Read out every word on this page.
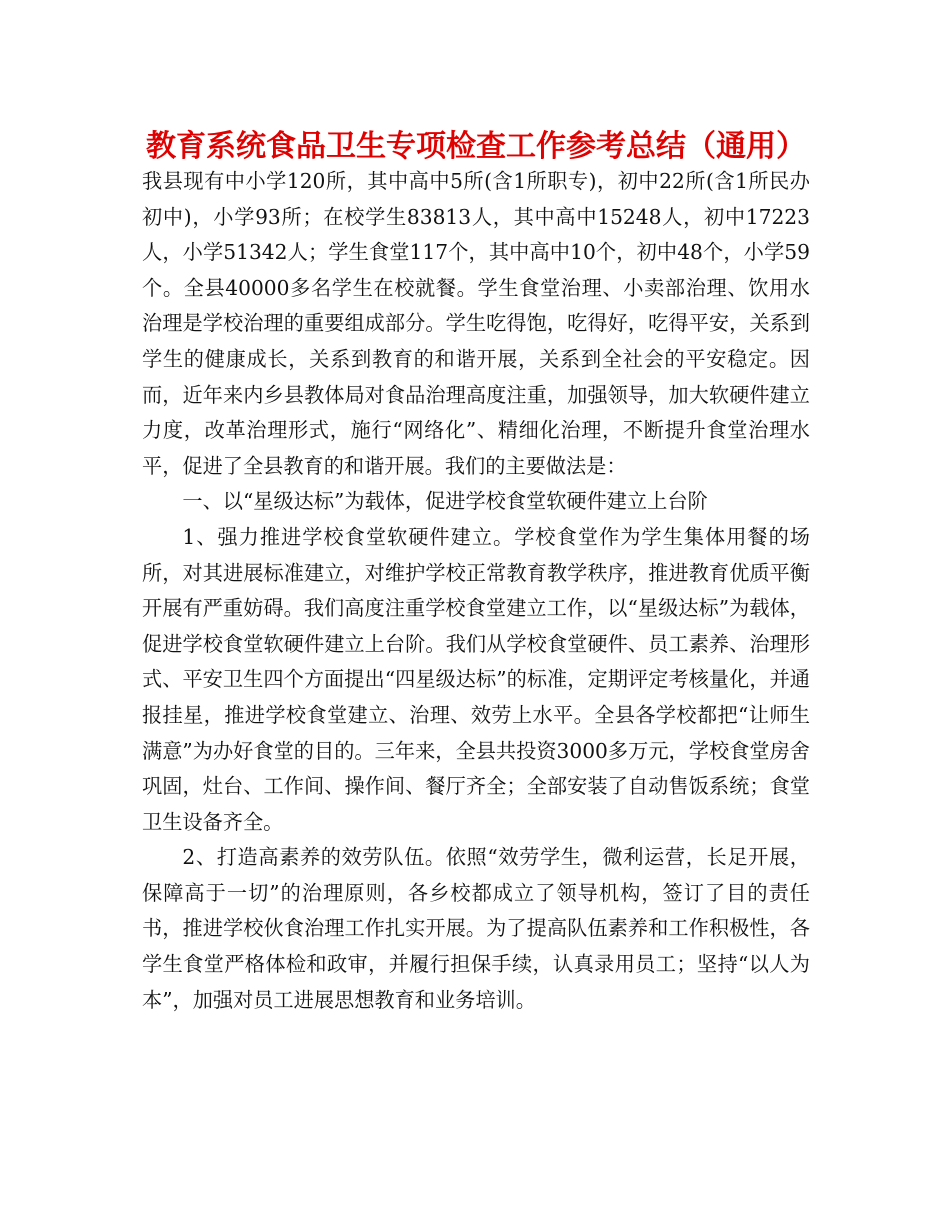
教育系统食品卫生专项检查工作参考总结（通用）

我县现有中小学120所，其中高中5所(含1所职专)，初中22所(含1所民办初中)，小学93所；在校学生83813人，其中高中15248人，初中17223人，小学51342人；学生食堂117个，其中高中10个，初中48个，小学59个。全县40000多名学生在校就餐。学生食堂治理、小卖部治理、饮用水治理是学校治理的重要组成部分。学生吃得饱，吃得好，吃得平安，关系到学生的健康成长，关系到教育的和谐开展，关系到全社会的平安稳定。因而，近年来内乡县教体局对食品治理高度注重，加强领导，加大软硬件建立力度，改革治理形式，施行“网络化”、精细化治理，不断提升食堂治理水平，促进了全县教育的和谐开展。我们的主要做法是：

一、以“星级达标”为载体，促进学校食堂软硬件建立上台阶

1、强力推进学校食堂软硬件建立。学校食堂作为学生集体用餐的场所，对其进展标准建立，对维护学校正常教育教学秩序，推进教育优质平衡开展有严重妨碍。我们高度注重学校食堂建立工作，以“星级达标”为载体，促进学校食堂软硬件建立上台阶。我们从学校食堂硬件、员工素养、治理形式、平安卫生四个方面提出“四星级达标”的标准，定期评定考核量化，并通报挂星，推进学校食堂建立、治理、效劳上水平。全县各学校都把“让师生满意”为办好食堂的目的。三年来，全县共投资3000多万元，学校食堂房舍巩固，灶台、工作间、操作间、餐厅齐全；全部安装了自动售饭系统；食堂卫生设备齐全。

2、打造高素养的效劳队伍。依照“效劳学生，微利运营，长足开展，保障高于一切”的治理原则，各乡校都成立了领导机构，签订了目的责任书，推进学校伙食治理工作扎实开展。为了提高队伍素养和工作积极性，各学生食堂严格体检和政审，并履行担保手续，认真录用员工；坚持“以人为本”，加强对员工进展思想教育和业务培训。
